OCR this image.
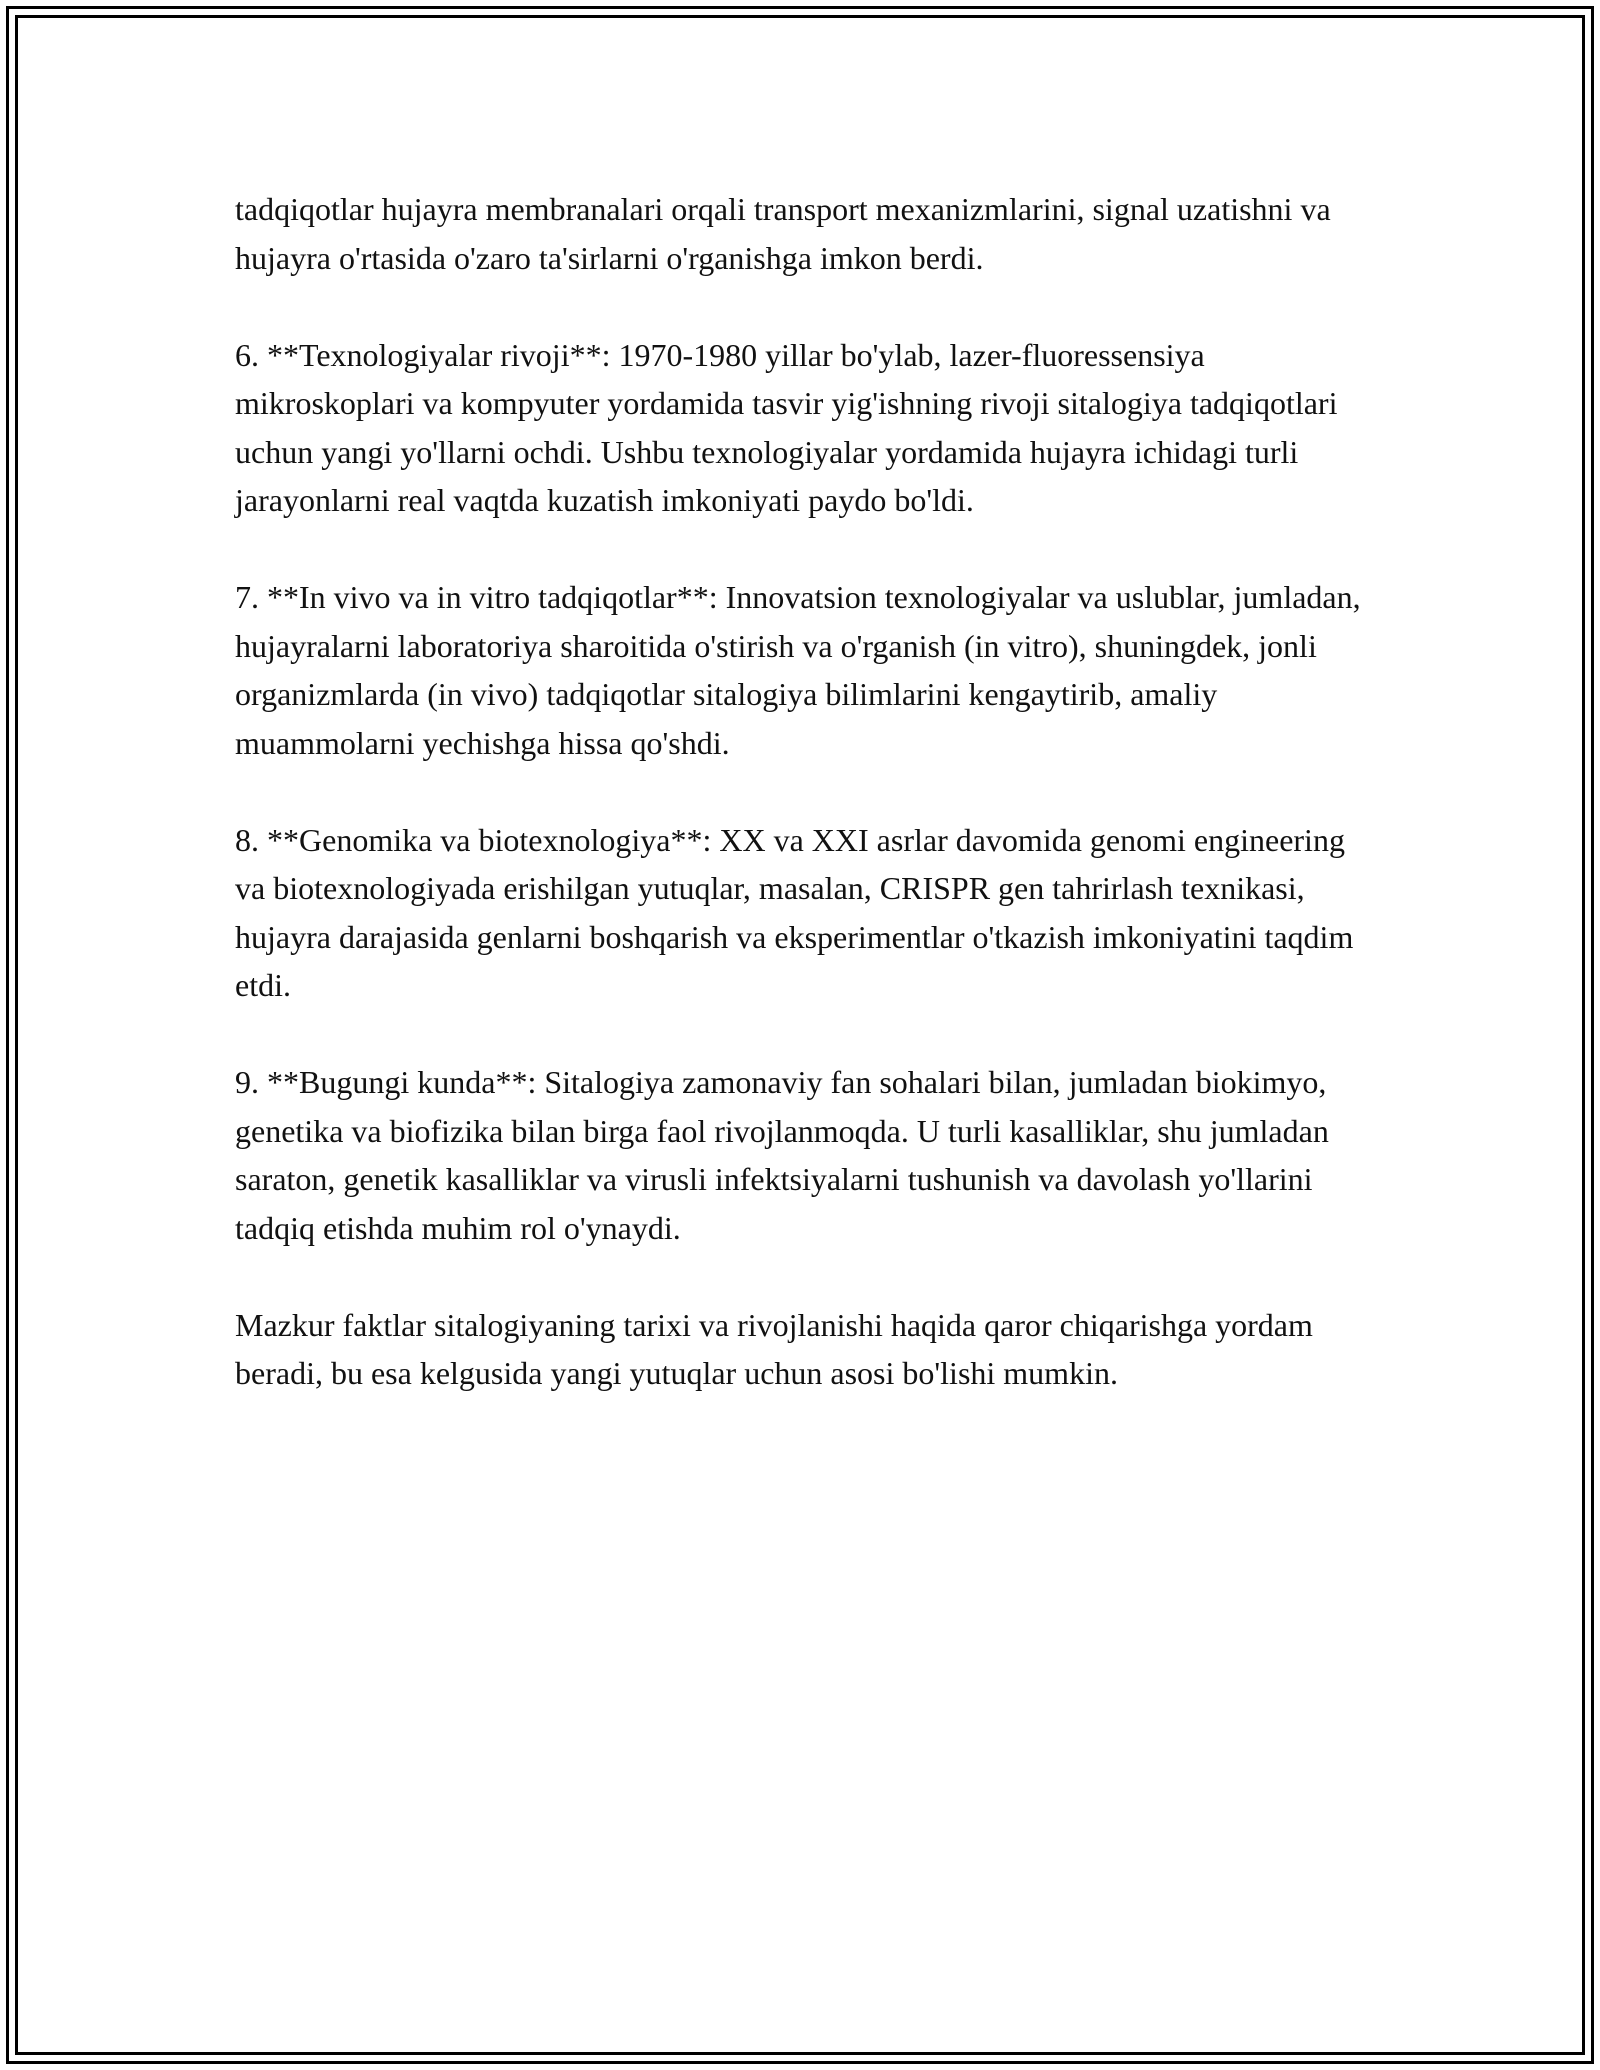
tadqiqotlar hujayra membranalari orqali transport mexanizmlarini, signal uzatishni va hujayra o'rtasida o'zaro ta'sirlarni o'rganishga imkon berdi.

6. **Texnologiyalar rivoji**: 1970-1980 yillar bo'ylab, lazer-fluoressensiya mikroskoplari va kompyuter yordamida tasvir yig'ishning rivoji sitalogiya tadqiqotlari uchun yangi yo'llarni ochdi. Ushbu texnologiyalar yordamida hujayra ichidagi turli jarayonlarni real vaqtda kuzatish imkoniyati paydo bo'ldi.

7. **In vivo va in vitro tadqiqotlar**: Innovatsion texnologiyalar va uslublar, jumladan, hujayralarni laboratoriya sharoitida o'stirish va o'rganish (in vitro), shuningdek, jonli organizmlarda (in vivo) tadqiqotlar sitalogiya bilimlarini kengaytirib, amaliy muammolarni yechishga hissa qo'shdi.

8. **Genomika va biotexnologiya**: XX va XXI asrlar davomida genomi engineering va biotexnologiyada erishilgan yutuqlar, masalan, CRISPR gen tahrirlash texnikasi, hujayra darajasida genlarni boshqarish va eksperimentlar o'tkazish imkoniyatini taqdim etdi.

9. **Bugungi kunda**: Sitalogiya zamonaviy fan sohalari bilan, jumladan biokimyo, genetika va biofizika bilan birga faol rivojlanmoqda. U turli kasalliklar, shu jumladan saraton, genetik kasalliklar va virusli infektsiyalarni tushunish va davolash yo'llarini tadqiq etishda muhim rol o'ynaydi.

Mazkur faktlar sitalogiyaning tarixi va rivojlanishi haqida qaror chiqarishga yordam beradi, bu esa kelgusida yangi yutuqlar uchun asosi bo'lishi mumkin.
